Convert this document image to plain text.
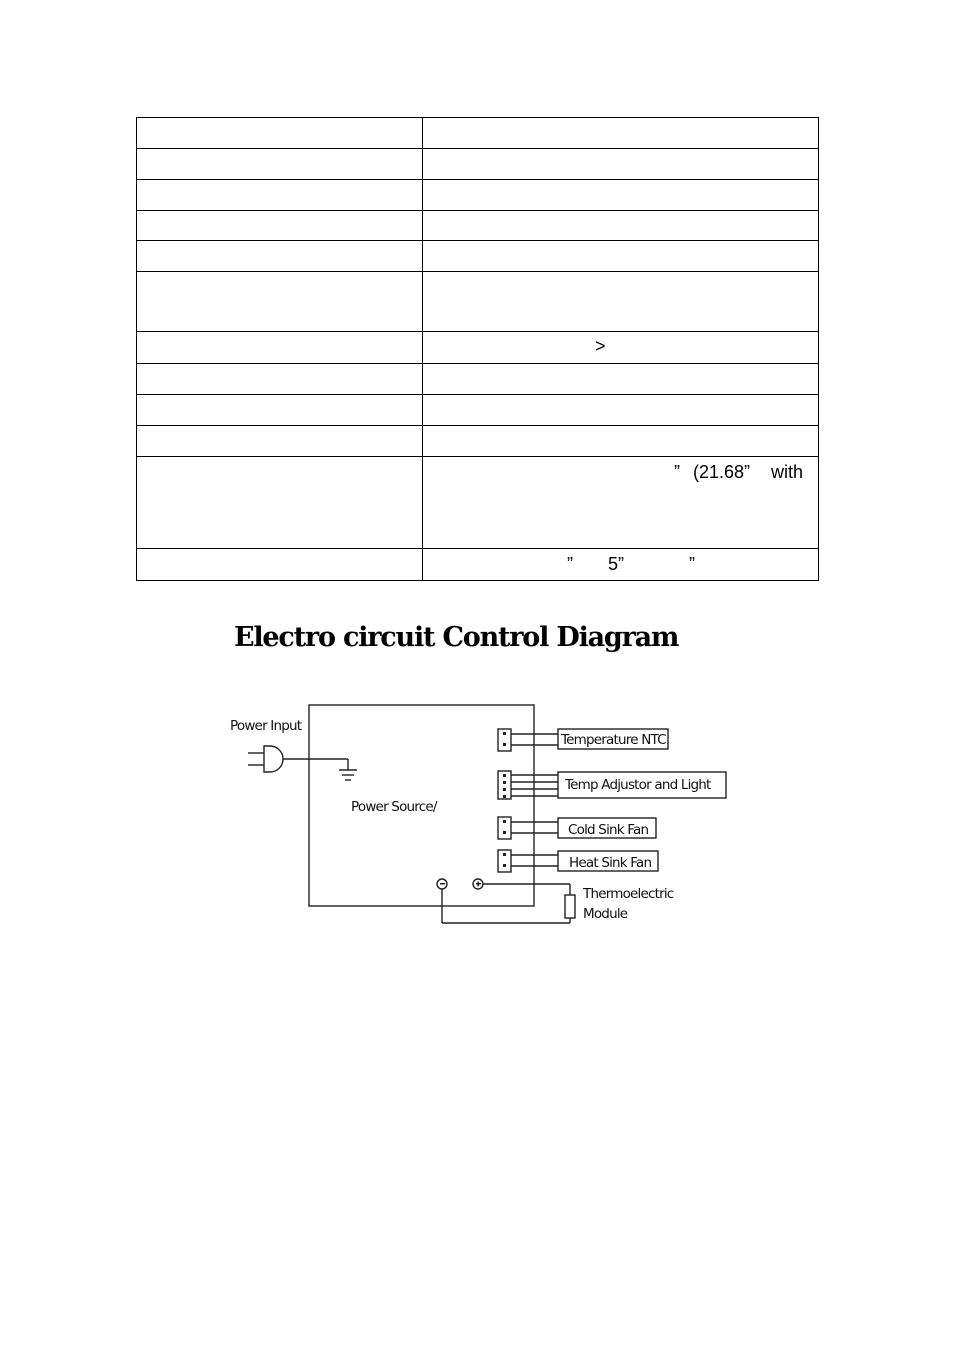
	>

	” (21.68” with

	” 5” ”
Electro circuit Control Diagram
Power Input
Power Source/
Temperature NTC
Temp Adjustor and Light
Cold Sink Fan
Heat Sink Fan
Thermoelectric
Module
